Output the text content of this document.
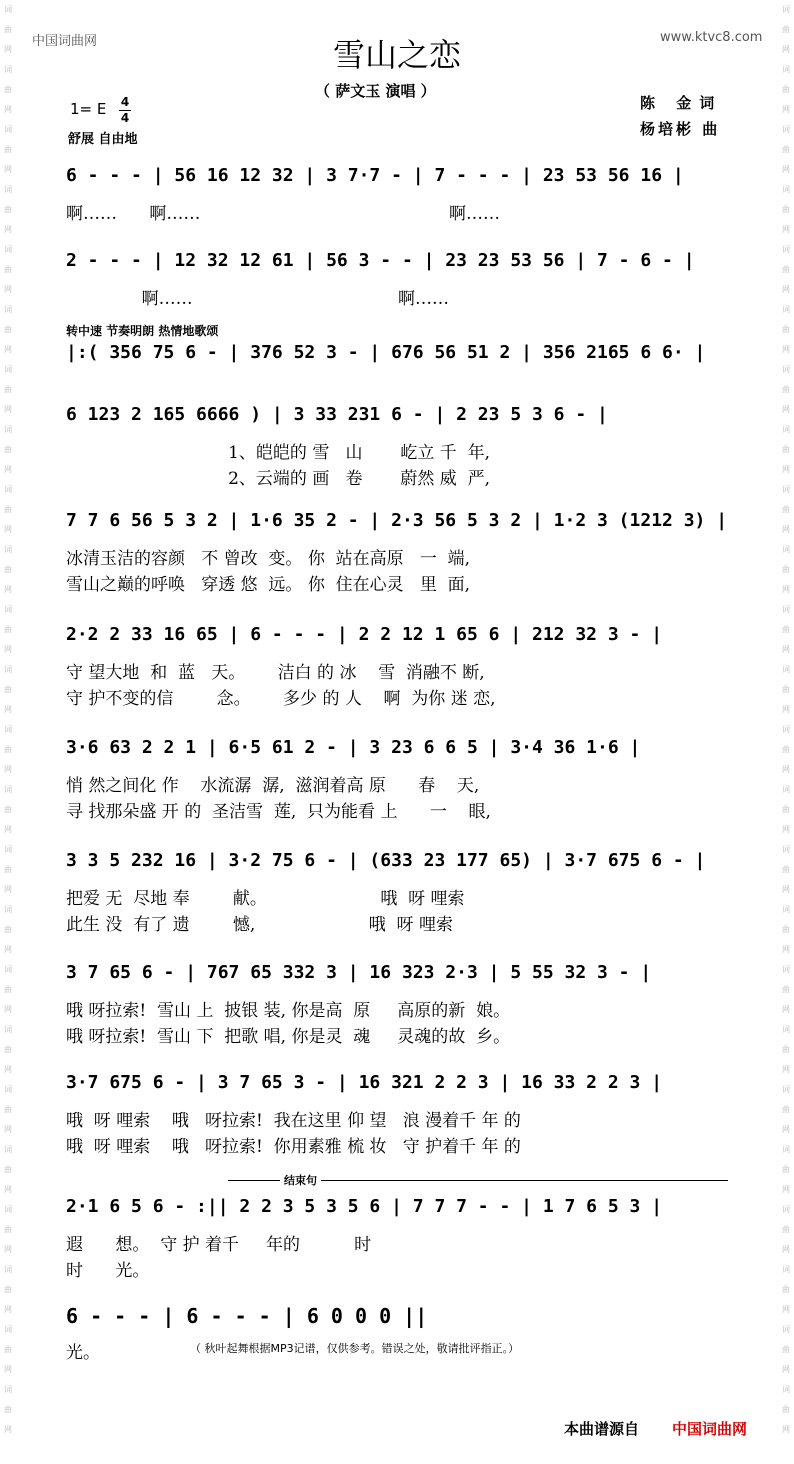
词
曲
网
词
曲
网
词
曲
网
词
曲
网
词
曲
网
词
曲
网
词
曲
网
词
曲
网
词
曲
网
词
曲
网
词
曲
网
词
曲
网
词
曲
网
词
曲
网
词
曲
网
词
曲
网
词
曲
网
词
曲
网
词
曲
网
词
曲
网
词
曲
网
词
曲
网
词
曲
网
词
曲
网
词
曲
网
词
曲
网
词
曲
网
词
曲
网
词
曲
网
词
曲
网
词
曲
网
词
曲
网
词
曲
网
词
曲
网
词
曲
网
词
曲
网
词
曲
网
词
曲
网
词
曲
网
词
曲
网
词
曲
网
词
曲
网
词
曲
网
词
曲
网
词
曲
网
词
曲
网
词
曲
网
词
曲
网
中国词曲网	www.ktvc8.com
雪山之恋
（ 萨文玉 演唱 ）
1= E 4
4
舒展 自由地
陈 金词
杨培彬 曲
转中速 节奏明朗 热情地歌颂
结束句
6 - - - | 56 16 12 32 | 3 7·7 - | 7 - - - | 23 53 56 16 |
啊……      啊……                                              啊……
2 - - - | 12 32 12 61 | 56 3 - - | 23 23 53 56 | 7 - 6 - |
啊……                                      啊……
|:( 356 75 6 - | 376 52 3 - | 676 56 51 2 | 356 2165 6 6· |
6 123 2 165 6666 ) | 3 33 231 6 - | 2 23 5 3 6 - |
1、皑皑的 雪   山       屹立 千  年,
2、云端的 画   卷       蔚然 威  严,
7 7 6 56 5 3 2 | 1·6 35 2 - | 2·3 56 5 3 2 | 1·2 3 (1212 3) |
冰清玉洁的容颜   不 曾改  变。 你  站在高原   一  端,
雪山之巅的呼唤   穿透 悠  远。 你  住在心灵   里  面,
2·2 2 33 16 65 | 6 - - - | 2 2 12 1 65 6 | 212 32 3 - |
守 望大地  和  蓝   天。      洁白 的 冰    雪  消融不 断,
守 护不变的信        念。      多少 的 人    啊  为你 迷 恋,
3·6 63 2 2 1 | 6·5 61 2 - | 3 23 6 6 5 | 3·4 36 1·6 |
悄 然之间化 作    水流潺  潺,  滋润着高 原      春    天,
寻 找那朵盛 开 的  圣洁雪  莲,  只为能看 上      一    眼,
3 3 5 232 16 | 3·2 75 6 - | (633 23 177 65) | 3·7 675 6 - |
把爱 无  尽地 奉        献。                     哦  呀 哩索
此生 没  有了 遗        憾,                     哦  呀 哩索
3 7 65 6 - | 767 65 332 3 | 16 323 2·3 | 5 55 32 3 - |
哦 呀拉索!  雪山 上  披银 装, 你是高  原     高原的新  娘。
哦 呀拉索!  雪山 下  把歌 唱, 你是灵  魂     灵魂的故  乡。
3·7 675 6 - | 3 7 65 3 - | 16 321 2 2 3 | 16 33 2 2 3 |
哦  呀 哩索    哦   呀拉索!  我在这里 仰 望   浪 漫着千 年 的
哦  呀 哩索    哦   呀拉索!  你用素雅 梳 妆   守 护着千 年 的
2·1 6 5 6 - :|| 2 2 3 5 3 5 6 | 7 7 7 - - | 1 7 6 5 3 |
遐      想。  守 护 着千     年的          时
时      光。
6 - - - | 6 - - - | 6 0 0 0 ||
光。	（ 秋叶起舞根据MP3记谱，仅供参考。错误之处，敬请批评指正。）
本曲谱源自 中国词曲网
